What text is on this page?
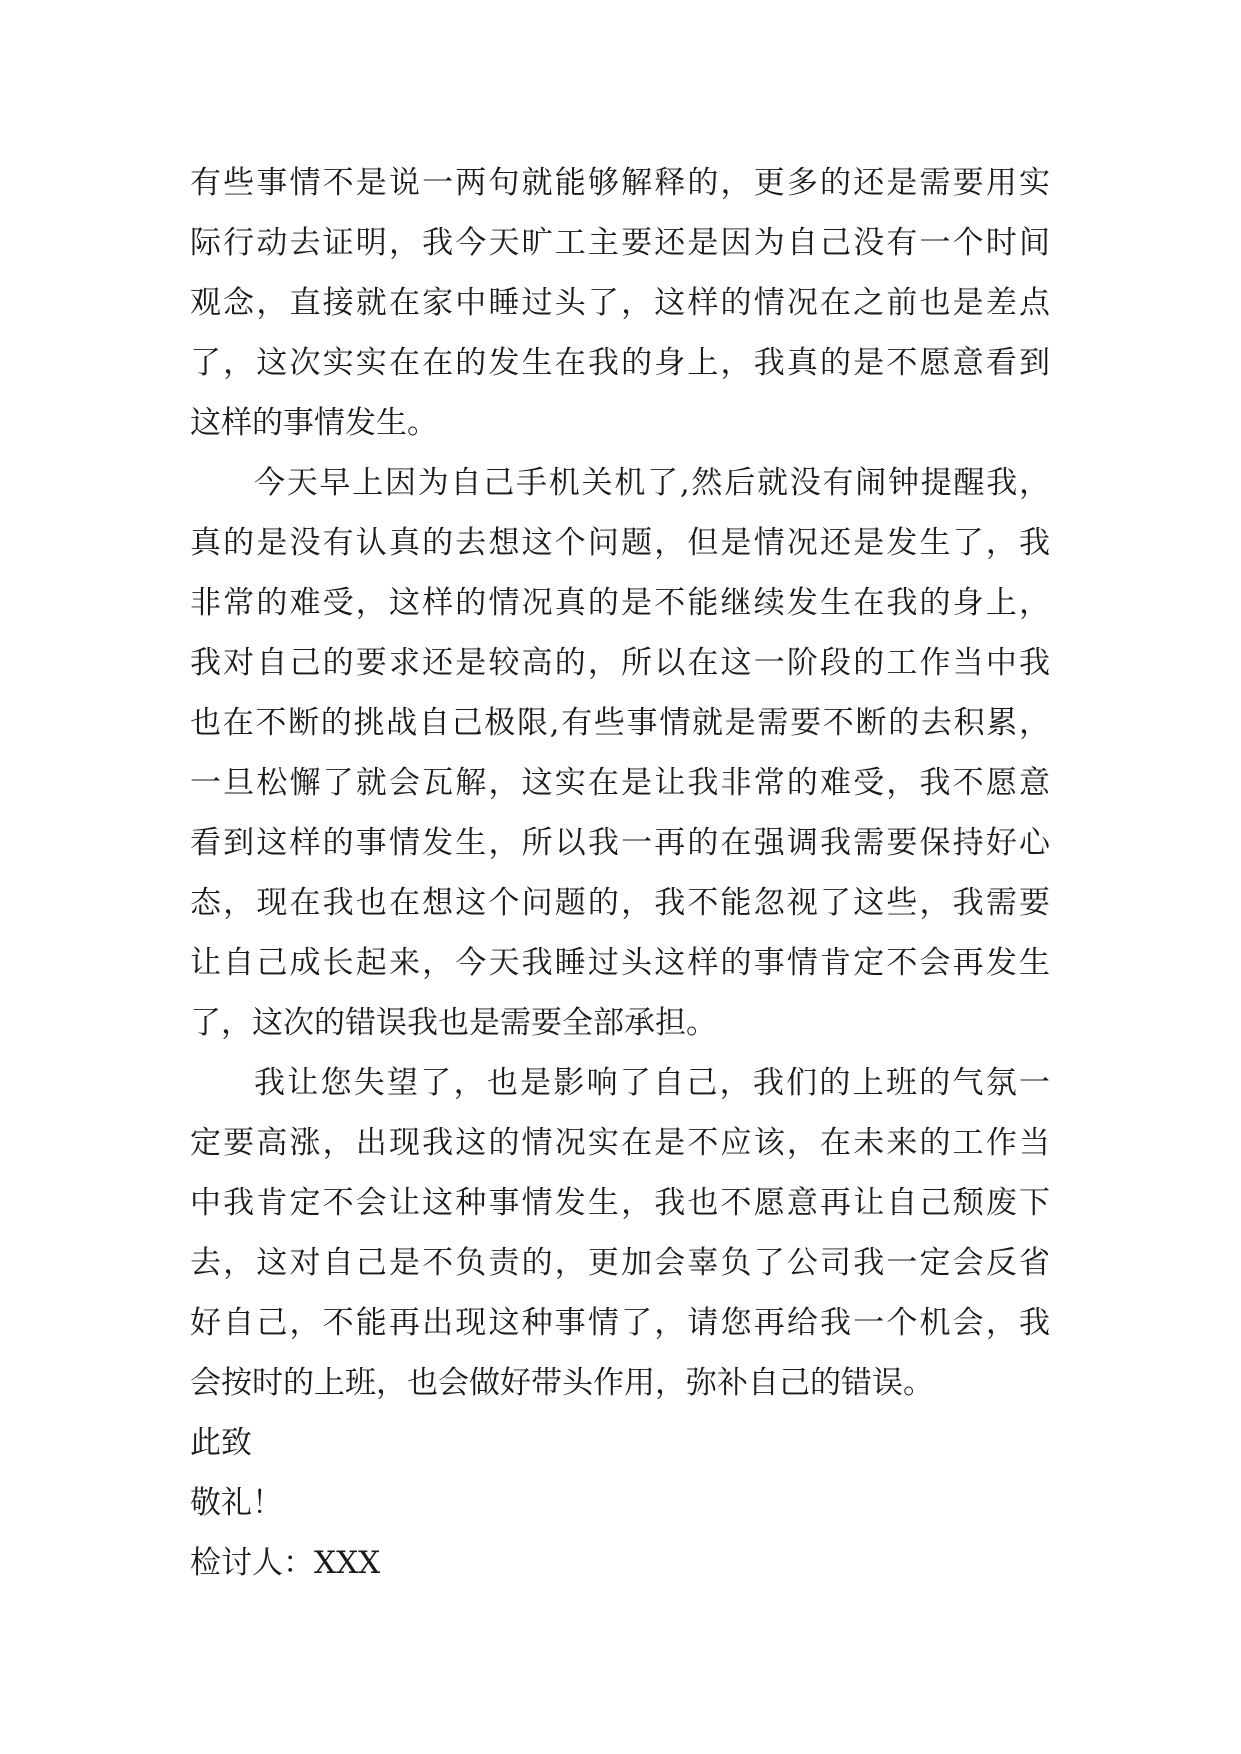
有些事情不是说一两句就能够解释的，更多的还是需要用实
际行动去证明，我今天旷工主要还是因为自己没有一个时间
观念，直接就在家中睡过头了，这样的情况在之前也是差点
了，这次实实在在的发生在我的身上，我真的是不愿意看到
这样的事情发生。
今天早上因为自己手机关机了,然后就没有闹钟提醒我，
真的是没有认真的去想这个问题，但是情况还是发生了，我
非常的难受，这样的情况真的是不能继续发生在我的身上，
我对自己的要求还是较高的，所以在这一阶段的工作当中我
也在不断的挑战自己极限,有些事情就是需要不断的去积累，
一旦松懈了就会瓦解，这实在是让我非常的难受，我不愿意
看到这样的事情发生，所以我一再的在强调我需要保持好心
态，现在我也在想这个问题的，我不能忽视了这些，我需要
让自己成长起来，今天我睡过头这样的事情肯定不会再发生
了，这次的错误我也是需要全部承担。
我让您失望了，也是影响了自己，我们的上班的气氛一
定要高涨，出现我这的情况实在是不应该，在未来的工作当
中我肯定不会让这种事情发生，我也不愿意再让自己颓废下
去，这对自己是不负责的，更加会辜负了公司我一定会反省
好自己，不能再出现这种事情了，请您再给我一个机会，我
会按时的上班，也会做好带头作用，弥补自己的错误。
此致
敬礼！
检讨人：XXX
